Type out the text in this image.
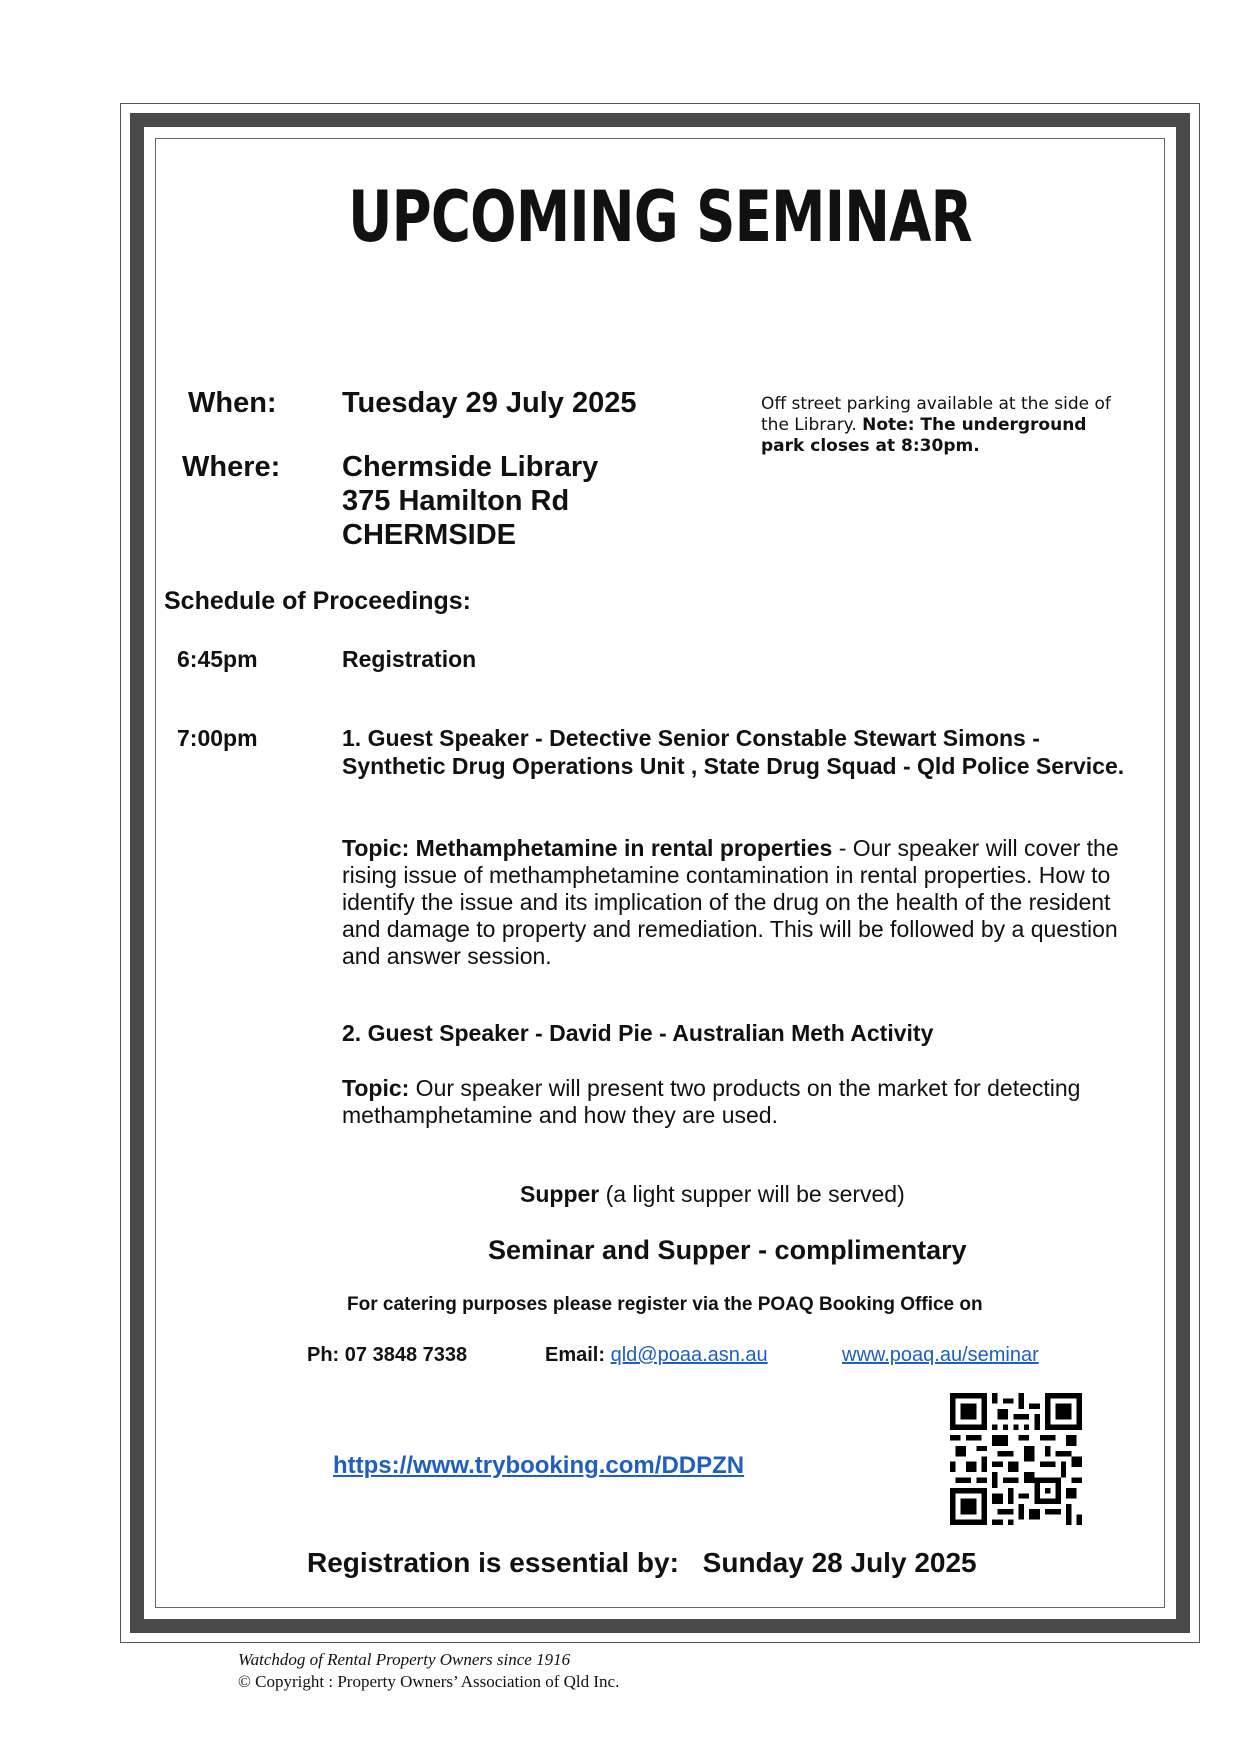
UPCOMING SEMINAR
When: Tuesday 29 July 2025
Where: Chermside Library
375 Hamilton Rd
CHERMSIDE
Off street parking available at the side of the Library. Note: The underground park closes at 8:30pm.
Schedule of Proceedings:
6:45pm	Registration
7:00pm	1. Guest Speaker - Detective Senior Constable Stewart Simons - Synthetic Drug Operations Unit , State Drug Squad - Qld Police Service.
Topic: Methamphetamine in rental properties - Our speaker will cover the rising issue of methamphetamine contamination in rental properties. How to identify the issue and its implication of the drug on the health of the resident and damage to property and remediation. This will be followed by a question and answer session.
2. Guest Speaker - David Pie - Australian Meth Activity
Topic: Our speaker will present two products on the market for detecting methamphetamine and how they are used.
Supper (a light supper will be served)
Seminar and Supper - complimentary
For catering purposes please register via the POAQ Booking Office on
Ph: 07 3848 7338	Email: qld@poaa.asn.au	www.poaq.au/seminar
https://www.trybooking.com/DDPZN
Registration is essential by: Sunday 28 July 2025
Watchdog of Rental Property Owners since 1916
© Copyright : Property Owners’ Association of Qld Inc.
